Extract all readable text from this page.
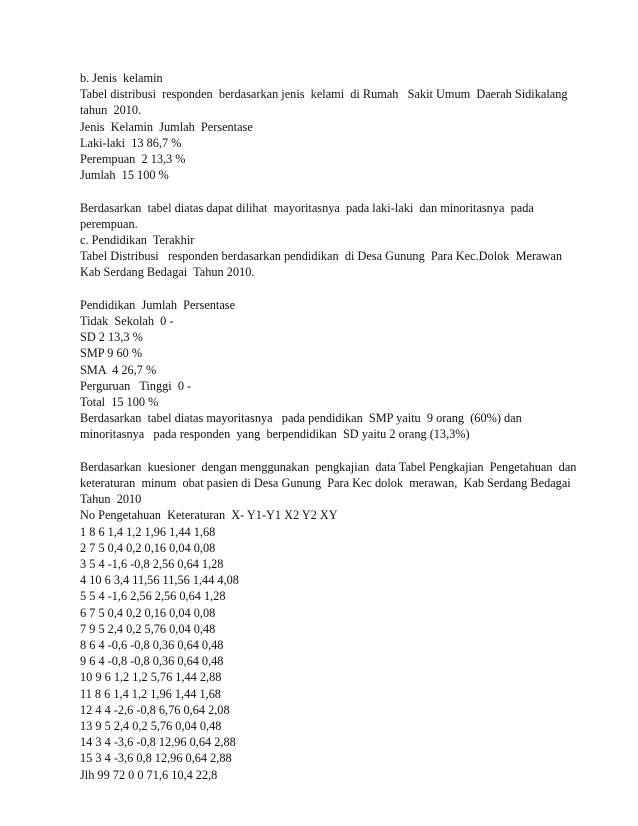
b. Jenis  kelamin
Tabel distribusi  responden  berdasarkan jenis  kelami  di Rumah   Sakit Umum  Daerah Sidikalang
tahun  2010.
Jenis  Kelamin  Jumlah  Persentase
Laki-laki  13 86,7 %
Perempuan  2 13,3 %
Jumlah  15 100 %
Berdasarkan  tabel diatas dapat dilihat  mayoritasnya  pada laki-laki  dan minoritasnya  pada
perempuan.
c. Pendidikan  Terakhir
Tabel Distribusi   responden berdasarkan pendidikan  di Desa Gunung  Para Kec.Dolok  Merawan
Kab Serdang Bedagai  Tahun 2010.
Pendidikan  Jumlah  Persentase
Tidak  Sekolah  0 -
SD 2 13,3 %
SMP 9 60 %
SMA  4 26,7 %
Perguruan   Tinggi  0 -
Total  15 100 %
Berdasarkan  tabel diatas mayoritasnya   pada pendidikan  SMP yaitu  9 orang  (60%) dan
minoritasnya   pada responden  yang  berpendidikan  SD yaitu 2 orang (13,3%)
Berdasarkan  kuesioner  dengan menggunakan  pengkajian  data Tabel Pengkajian  Pengetahuan  dan
keteraturan  minum  obat pasien di Desa Gunung  Para Kec dolok  merawan,  Kab Serdang Bedagai
Tahun  2010
No Pengetahuan  Keteraturan  X- Y1-Y1 X2 Y2 XY
1 8 6 1,4 1,2 1,96 1,44 1,68
2 7 5 0,4 0,2 0,16 0,04 0,08
3 5 4 -1,6 -0,8 2,56 0,64 1,28
4 10 6 3,4 11,56 11,56 1,44 4,08
5 5 4 -1,6 2,56 2,56 0,64 1,28
6 7 5 0,4 0,2 0,16 0,04 0,08
7 9 5 2,4 0,2 5,76 0,04 0,48
8 6 4 -0,6 -0,8 0,36 0,64 0,48
9 6 4 -0,8 -0,8 0,36 0,64 0,48
10 9 6 1,2 1,2 5,76 1,44 2,88
11 8 6 1,4 1,2 1,96 1,44 1,68
12 4 4 -2,6 -0,8 6,76 0,64 2,08
13 9 5 2,4 0,2 5,76 0,04 0,48
14 3 4 -3,6 -0,8 12,96 0,64 2,88
15 3 4 -3,6 0,8 12,96 0,64 2,88
Jlh 99 72 0 0 71,6 10,4 22,8
